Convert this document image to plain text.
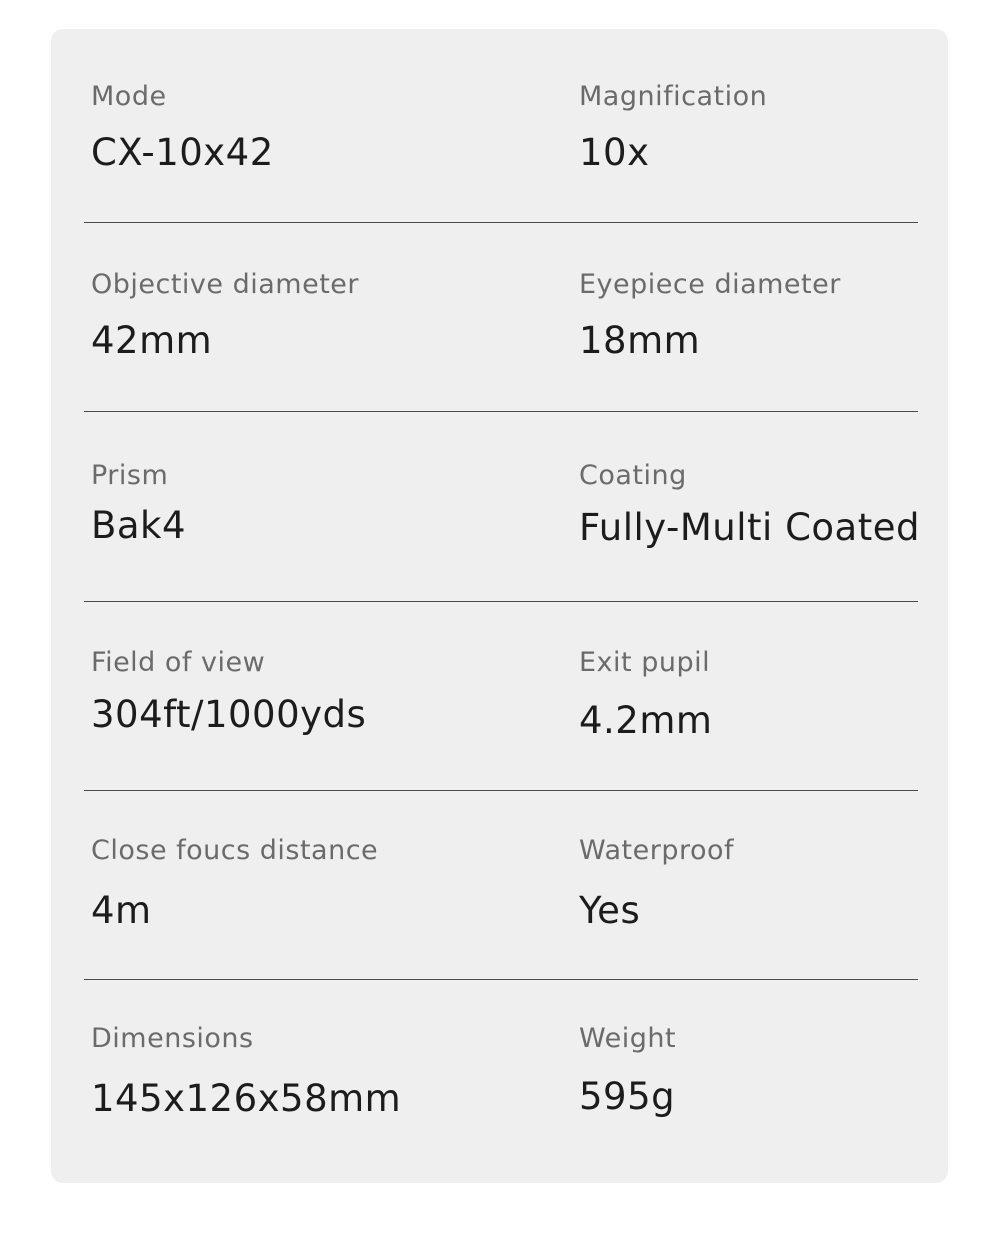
Mode
CX-10x42
Magnification
10x
Objective diameter
42mm
Eyepiece diameter
18mm
Prism
Bak4
Coating
Fully-Multi Coated
Field of view
304ft/1000yds
Exit pupil
4.2mm
Close foucs distance
4m
Waterproof
Yes
Dimensions
145x126x58mm
Weight
595g
